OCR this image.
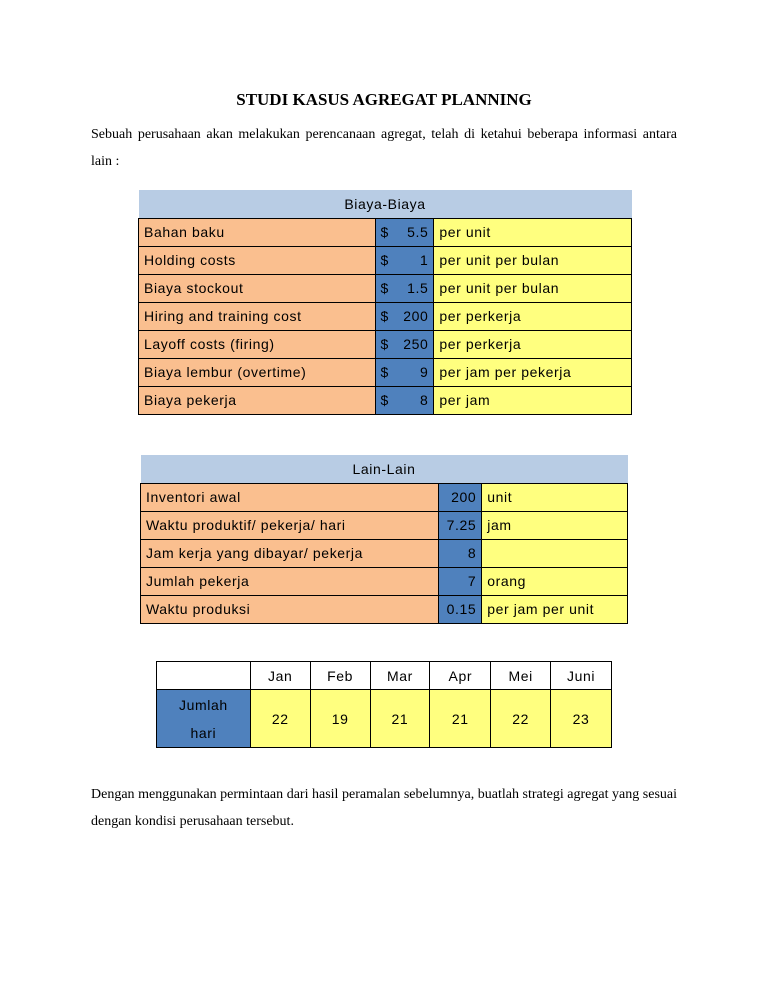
STUDI KASUS AGREGAT PLANNING
Sebuah perusahaan akan melakukan perencanaan agregat, telah di ketahui beberapa informasi antara lain :
Biaya-Biaya		
Bahan baku	$ 5.5	per unit
Holding costs	$ 1	per unit per bulan
Biaya stockout	$ 1.5	per unit per bulan
Hiring and training cost	$ 200	per perkerja
Layoff costs (firing)	$ 250	per perkerja
Biaya lembur (overtime)	$ 9	per jam per pekerja
Biaya pekerja	$ 8	per jam
Lain-Lain		
Inventori awal	200	unit
Waktu produktif/ pekerja/ hari	7.25	jam
Jam kerja yang dibayar/ pekerja	8	
Jumlah pekerja	7	orang
Waktu produksi	0.15	per jam per unit
	Jan	Feb	Mar	Apr	Mei	Juni
Jumlah
hari	22	19	21	21	22	23
Dengan menggunakan permintaan dari hasil peramalan sebelumnya, buatlah strategi agregat yang sesuai dengan kondisi perusahaan tersebut.
